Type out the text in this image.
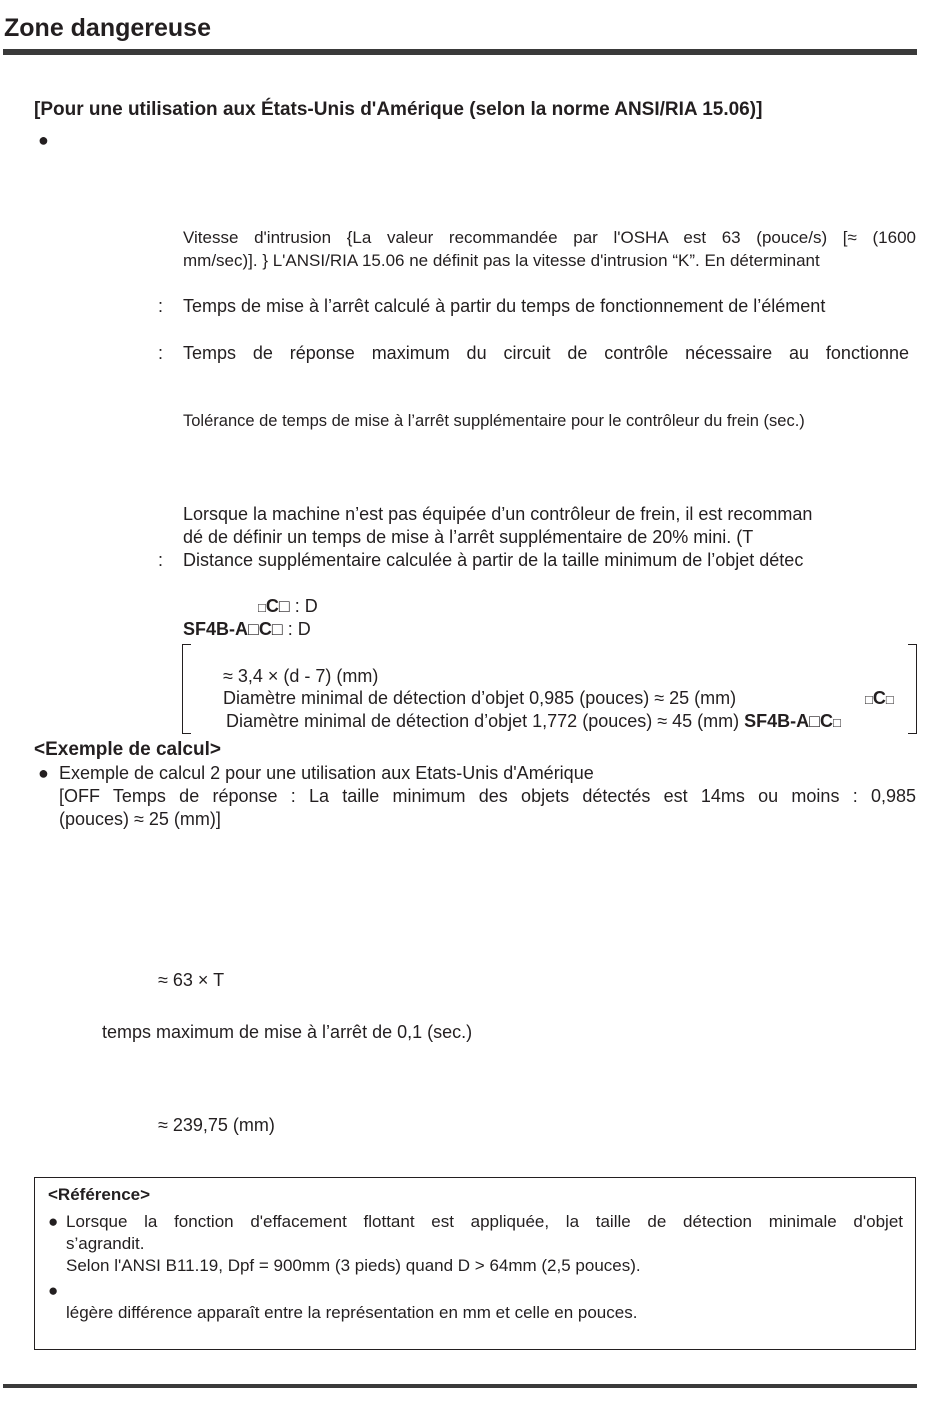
Zone dangereuse
[Pour une utilisation aux États-Unis d'Amérique (selon la norme ANSI/RIA 15.06)]
●
Vitesse d'intrusion {La valeur recommandée par l'OSHA est 63 (pouce/s) [≈ (1600
mm/sec)]. } L'ANSI/RIA 15.06 ne définit pas la vitesse d'intrusion “K”. En déterminant
: Temps de mise à l’arrêt calculé à partir du temps de fonctionnement de l’élément
: Temps de réponse maximum du circuit de contrôle nécessaire au fonctionne
Tolérance de temps de mise à l’arrêt supplémentaire pour le contrôleur du frein (sec.)
Lorsque la machine n’est pas équipée d’un contrôleur de frein, il est recomman
dé de définir un temps de mise à l’arrêt supplémentaire de 20% mini. (T
: Distance supplémentaire calculée à partir de la taille minimum de l’objet détec
□C□ : D
SF4B-A□C□ : D
≈ 3,4 × (d - 7) (mm)
Diamètre minimal de détection d’objet 0,985 (pouces) ≈ 25 (mm)	□C□
Diamètre minimal de détection d’objet 1,772 (pouces) ≈ 45 (mm) SF4B-A□C□
<Exemple de calcul>
● Exemple de calcul 2 pour une utilisation aux Etats-Unis d'Amérique
[OFF Temps de réponse : La taille minimum des objets détectés est 14ms ou moins : 0,985
(pouces) ≈ 25 (mm)]
≈ 63 × T
temps maximum de mise à l’arrêt de 0,1 (sec.)
≈ 239,75 (mm)
<Référence>
● Lorsque la fonction d'effacement flottant est appliquée, la taille de détection minimale d'objet
s’agrandit.
Selon l'ANSI B11.19, Dpf = 900mm (3 pieds) quand D > 64mm (2,5 pouces).
●
légère différence apparaît entre la représentation en mm et celle en pouces.
